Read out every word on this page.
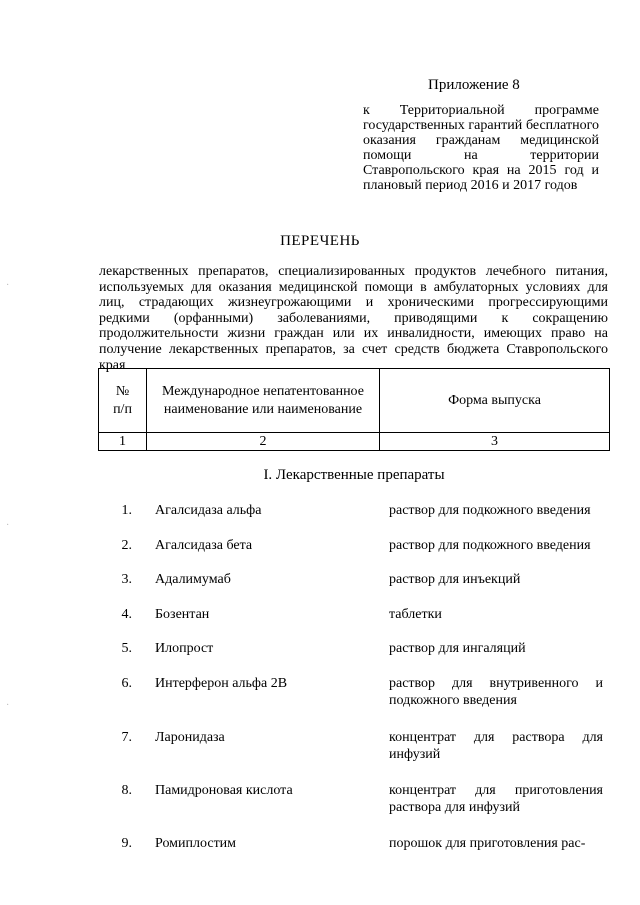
Приложение 8
к Территориальной программе государственных гарантий бесплатного оказания гражданам медицинской помощи на территории Ставропольского края на 2015 год и плановый период 2016 и 2017 годов
ПЕРЕЧЕНЬ
лекарственных препаратов, специализированных продуктов лечебного питания, используемых для оказания медицинской помощи в амбулаторных условиях для лиц, страдающих жизнеугрожающими и хроническими прогрессирующими редкими (орфанными) заболеваниями, приводящими к сокращению продолжительности жизни граждан или их инвалидности, имеющих право на получение лекарственных препаратов, за счет средств бюджета Ставропольского края
№ п/п	Международное непатентованное наименование или наименование	Форма выпуска
1	2	3
I. Лекарственные препараты
1. Агалсидаза альфа	раствор для подкожного введения
2. Агалсидаза бета	раствор для подкожного введения
3. Адалимумаб	раствор для инъекций
4. Бозентан	таблетки
5. Илопрост	раствор для ингаляций
6. Интерферон альфа 2В	раствор для внутривенного и подкожного введения
7. Ларонидаза	концентрат для раствора для инфузий
8. Памидроновая кислота	концентрат для приготовления раствора для инфузий
9. Ромиплостим	порошок для приготовления рас-
·
·
·
